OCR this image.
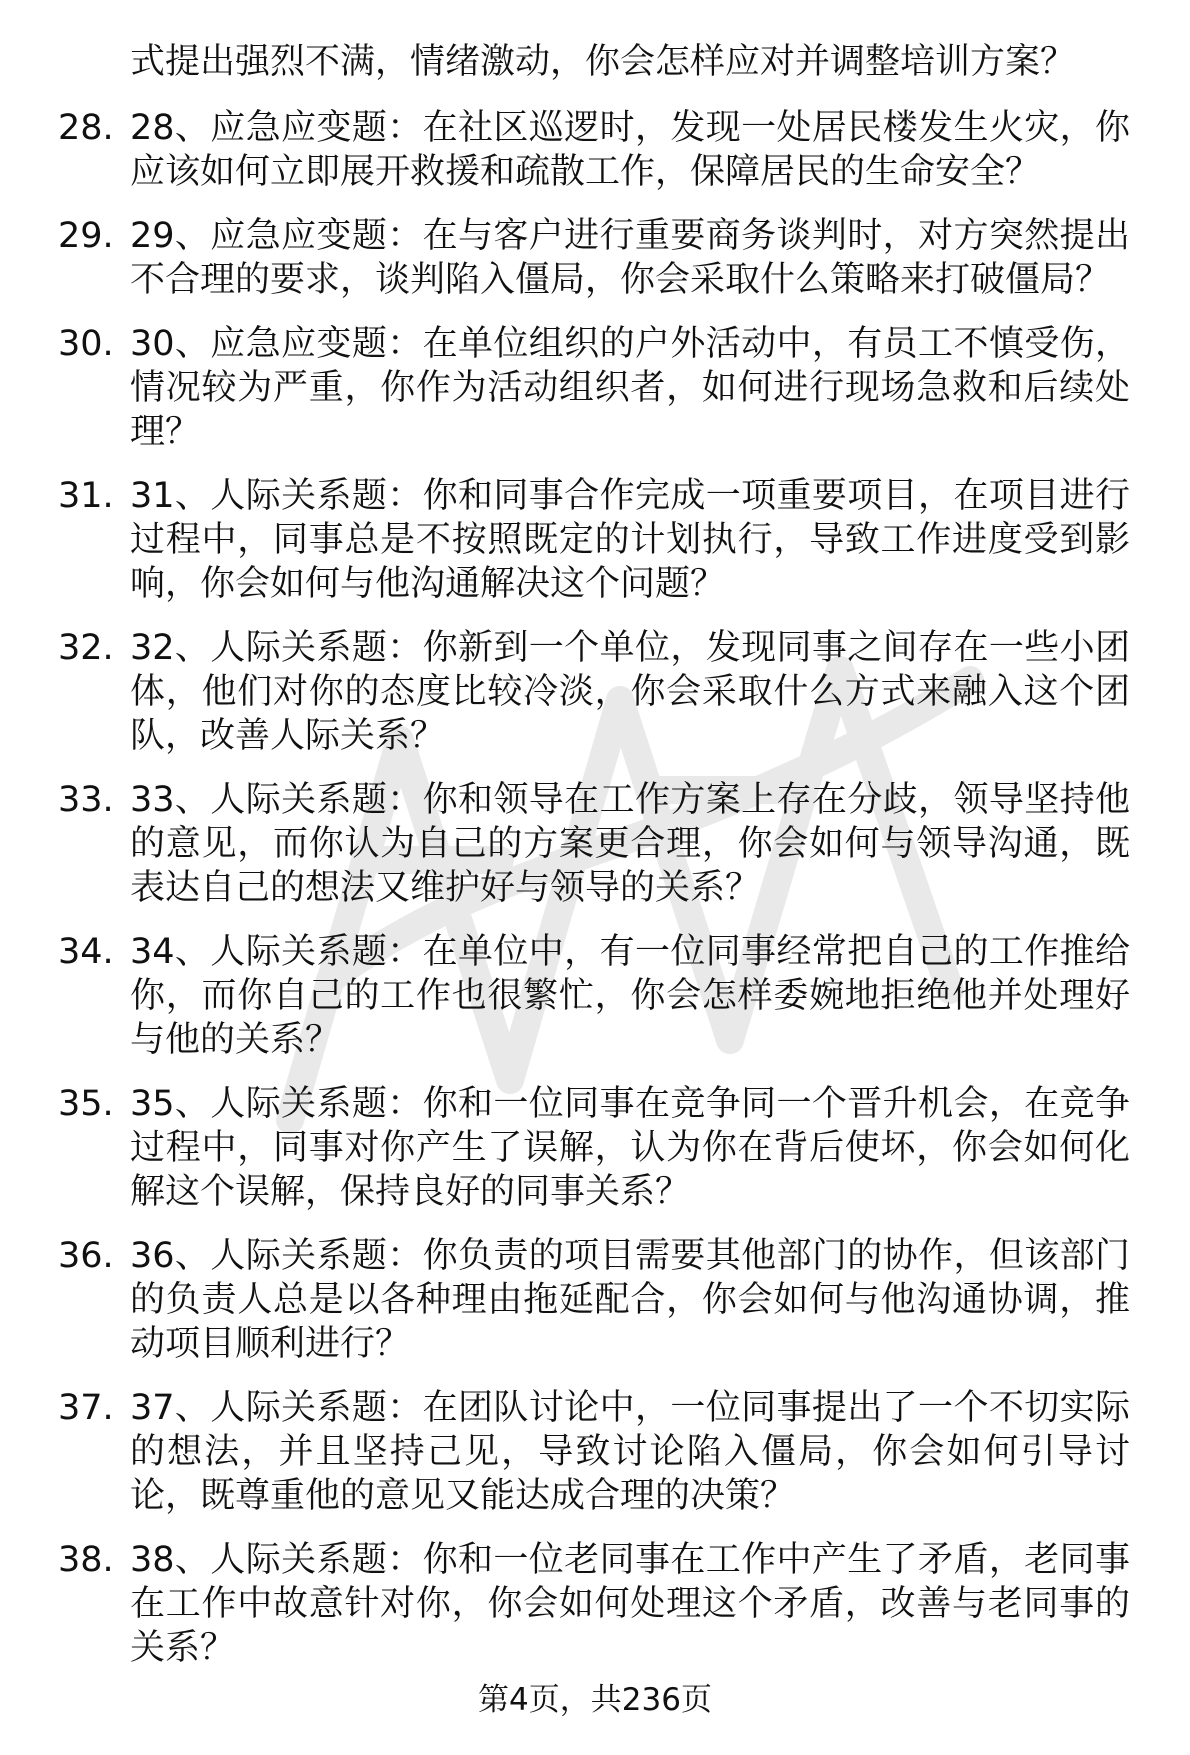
式提出强烈不满，情绪激动，你会怎样应对并调整培训方案？
28. 28、应急应变题：在社区巡逻时，发现一处居民楼发生火灾，你应该如何立即展开救援和疏散工作，保障居民的生命安全？
29. 29、应急应变题：在与客户进行重要商务谈判时，对方突然提出不合理的要求，谈判陷入僵局，你会采取什么策略来打破僵局？
30. 30、应急应变题：在单位组织的户外活动中，有员工不慎受伤，情况较为严重，你作为活动组织者，如何进行现场急救和后续处理？
31. 31、人际关系题：你和同事合作完成一项重要项目，在项目进行过程中，同事总是不按照既定的计划执行，导致工作进度受到影响，你会如何与他沟通解决这个问题？
32. 32、人际关系题：你新到一个单位，发现同事之间存在一些小团体，他们对你的态度比较冷淡，你会采取什么方式来融入这个团队，改善人际关系？
33. 33、人际关系题：你和领导在工作方案上存在分歧，领导坚持他的意见，而你认为自己的方案更合理，你会如何与领导沟通，既表达自己的想法又维护好与领导的关系？
34. 34、人际关系题：在单位中，有一位同事经常把自己的工作推给你，而你自己的工作也很繁忙，你会怎样委婉地拒绝他并处理好与他的关系？
35. 35、人际关系题：你和一位同事在竞争同一个晋升机会，在竞争过程中，同事对你产生了误解，认为你在背后使坏，你会如何化解这个误解，保持良好的同事关系？
36. 36、人际关系题：你负责的项目需要其他部门的协作，但该部门的负责人总是以各种理由拖延配合，你会如何与他沟通协调，推动项目顺利进行？
37. 37、人际关系题：在团队讨论中，一位同事提出了一个不切实际的想法，并且坚持己见，导致讨论陷入僵局，你会如何引导讨论，既尊重他的意见又能达成合理的决策？
38. 38、人际关系题：你和一位老同事在工作中产生了矛盾，老同事在工作中故意针对你，你会如何处理这个矛盾，改善与老同事的关系？
第4页，共236页
